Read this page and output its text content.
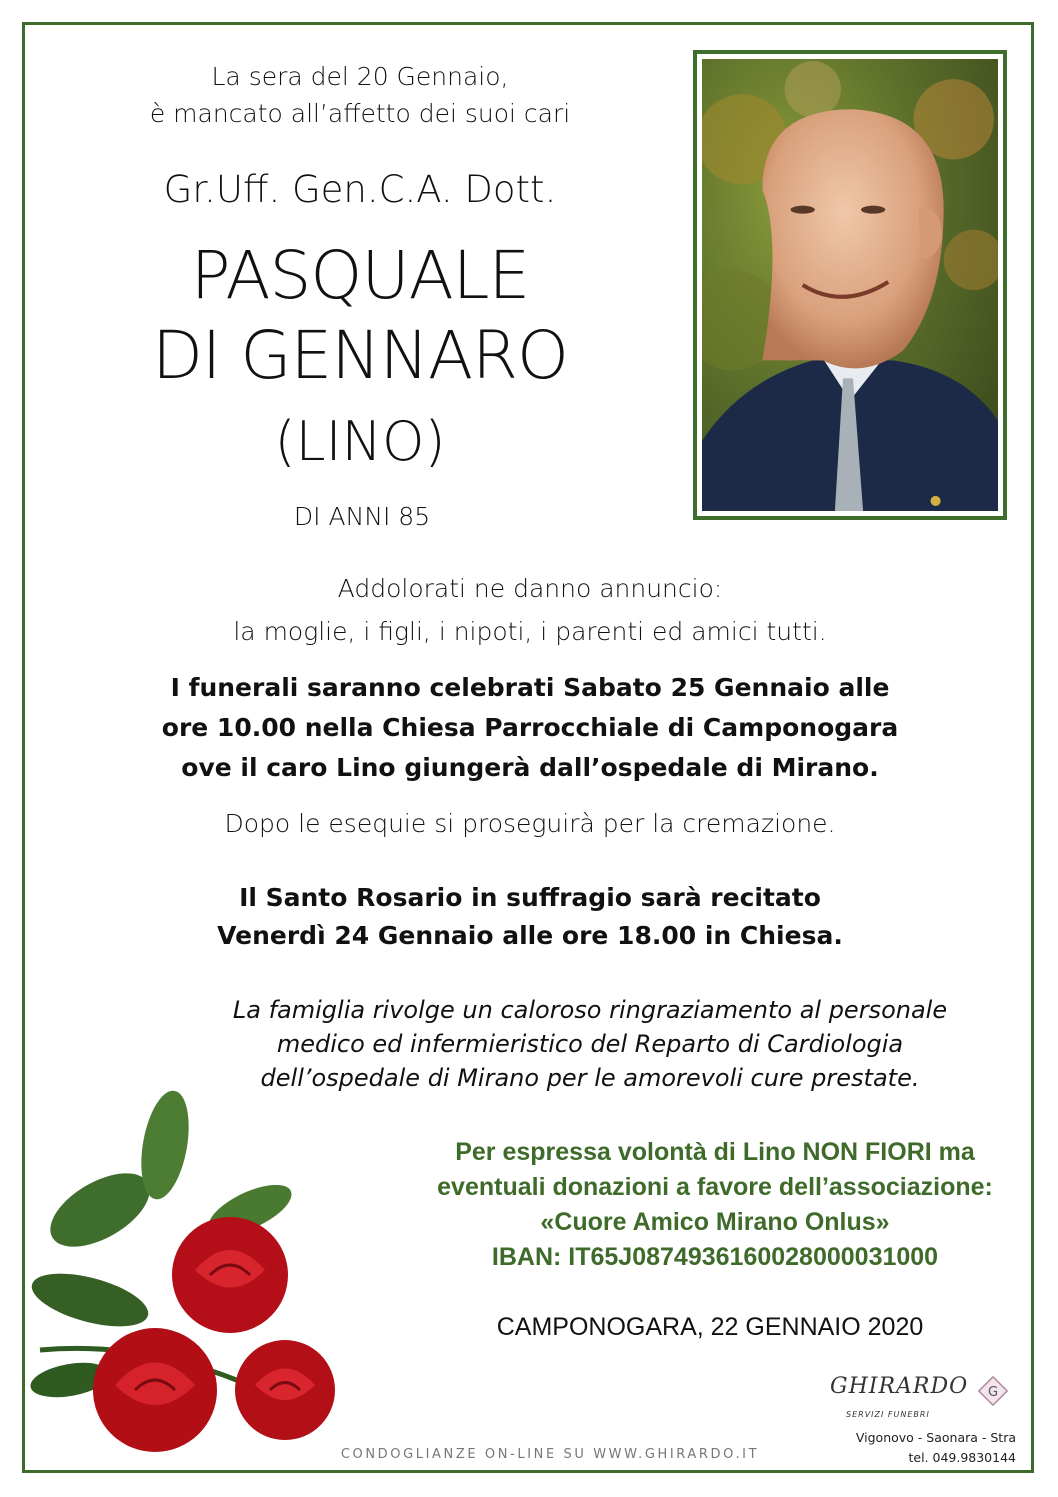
La sera del 20 Gennaio,
è mancato all’affetto dei suoi cari
Gr.Uff. Gen.C.A. Dott.
PASQUALE
DI GENNARO
(LINO)
DI ANNI 85
Addolorati ne danno annuncio:
la moglie, i figli, i nipoti, i parenti ed amici tutti.
I funerali saranno celebrati Sabato 25 Gennaio alle
ore 10.00 nella Chiesa Parrocchiale di Camponogara
ove il caro Lino giungerà dall’ospedale di Mirano.
Dopo le esequie si proseguirà per la cremazione.
Il Santo Rosario in suffragio sarà recitato
Venerdì 24 Gennaio alle ore 18.00 in Chiesa.
La famiglia rivolge un caloroso ringraziamento al personale
medico ed infermieristico del Reparto di Cardiologia
dell’ospedale di Mirano per le amorevoli cure prestate.
Per espressa volontà di Lino NON FIORI ma
eventuali donazioni a favore dell’associazione:
«Cuore Amico Mirano Onlus»
IBAN: IT65J0874936160028000031000
CAMPONOGARA, 22 GENNAIO 2020
CONDOGLIANZE ON-LINE SU WWW.GHIRARDO.IT
GHIRARDO
SERVIZI FUNEBRI
G
Vigonovo - Saonara - Stra
tel. 049.9830144
